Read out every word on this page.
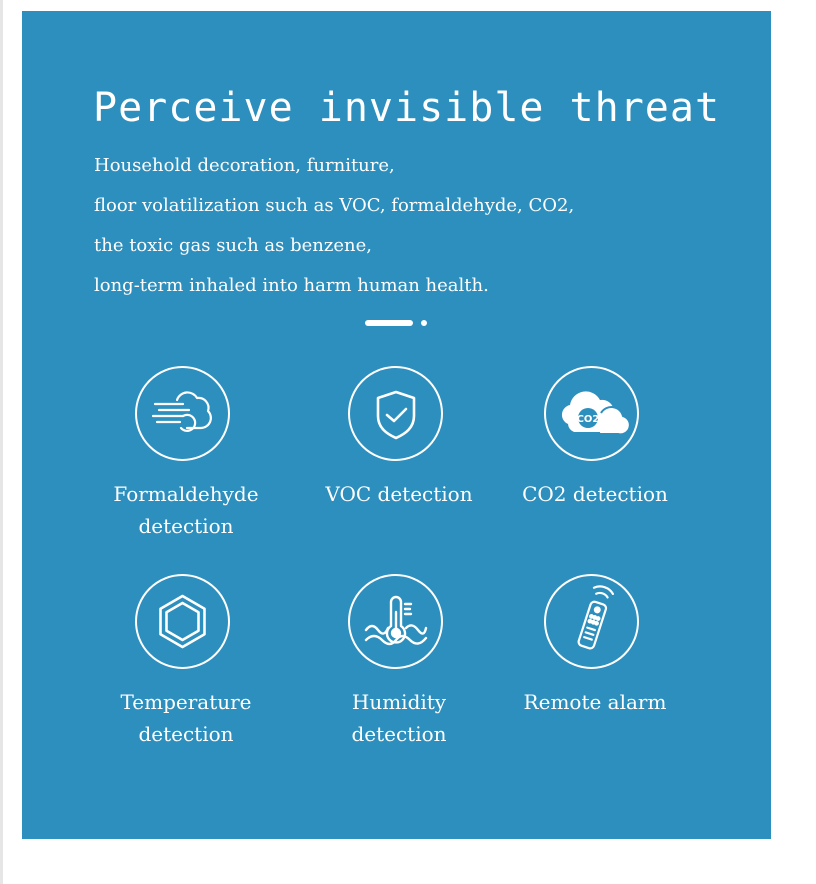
Perceive invisible threat
Household decoration, furniture,
floor volatilization such as VOC, formaldehyde, CO2,
the toxic gas such as benzene,
long-term inhaled into harm human health.
Formaldehyde
detection
VOC detection
CO2
CO2 detection
Temperature
detection
Humidity
detection
Remote alarm
